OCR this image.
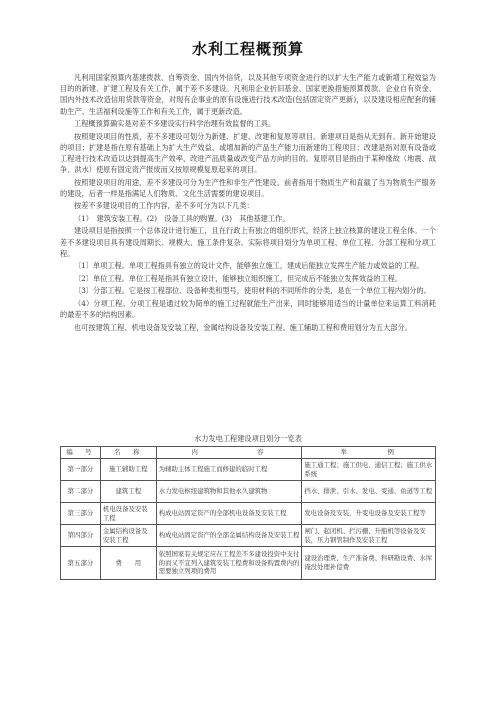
水利工程概预算

凡利用国家预算内基建拨款、自筹资金、国内外信贷，以及其他专项资金进行的以扩大生产能力或新增工程效益为目的的新建、扩建工程及有关工作，属于差不多建设。凡利用企业折旧基金、国家更换措施预算拨款、企业自有资金、国内外技术改造信用贷款等资金，对现有企事业的原有设施进行技术改造(包括固定资产更新)，以及建设相应配套的辅助生产、生活福利设施等工作和有关工作，属于更新改造。

工程概预算确实是对差不多建设实行科学治理有效监督的工具。

按照建设项目的性质，差不多建设可划分为新建、扩建、改建和复原等项目。新建项目是指从无到有、新开始建设的项目；扩建是指在原有基础上为扩大生产效益、或增加新的产品生产能力而新建的工程项目；改建是指对原有设备或工程进行技术改造以达到提高生产效率、改进产品质量或改变产品方向的目的。复原项目是指由于某种缘故（地震、战争、洪水）使原有固定资产报废而又按原规模复原起来的项目。

按照建设项目的用途，差不多建设可分为生产性和非生产性建设。前者指用于物质生产和直截了当为物质生产服务的建设，后者一样是指满足人们物质、文化生活需要的建设项目。

按差不多建设项目的工作内容，差不多可分为以下几类：

（1）　建筑安装工程。(2)　设备工具的购置。(3)　其他基建工作。

建设项目是指按照一个总体设计进行施工，且在行政上有独立的组织形式，经济上独立核算的建设工程全体。一个差不多建设项目具有建设周期长、规模大、施工条件复杂。实际将项目划分为单项工程、单位工程、分部工程和分项工程。

〔1〕单项工程。单项工程指具有独立的设计文件，能够独立施工，建成后能独立发挥生产能力或效益的工程。

〔2〕单位工程。单位工程是指具有独立设计，能够独立组织施工，但完成后不能独立发挥效益的工程。

〔3〕分部工程。它是按工程部位、设备种类和型号，使用材料的不同所作的分类，是在一个单位工程内划分的。

（4）分项工程。分项工程是通过较为简单的施工过程就能生产出来，同时能够用适当的计量单位来运算工料消耗的最差不多的结构因素。

也可按建筑工程、机电设备及安装工程，金属结构设备及安装工程、施工辅助工程和费用划分为五大部分。

水力发电工程建设项目划分一览表
编　号	名　称	内　　　　　　容	举　　　　例
第一部分	施工辅助工程	为辅助主体工程施工而修建的临时工程	施工通工程；施工供电、通信工程；施工供水系统
第二部分	建筑工程	水力发电枢纽建筑物和其他永久建筑物	挡水、排泄、引水、发电、变通、鱼道等工程
第三部分	机电设备及安装工程	构成电站固定资产的全部机电设备及安装工程	发电设备及安装，升变电设备及安装工程等
第四部分	金属结构设备及安装工程	构成电站固定资产的全部金属结构设备及安装工程	闸门、起闭机、拦污栅、升船机等设备及安装，压力钢管制作及安装工程
第五部分	费　　用	依照国家有关规定应在工程差不多建设投资中支付的而又不宜列入建筑安装工程费和设备购置费内的需要独立列项的费用	建设治理费、生产准备费、科研勘设费、水库淹没处理补偿费
